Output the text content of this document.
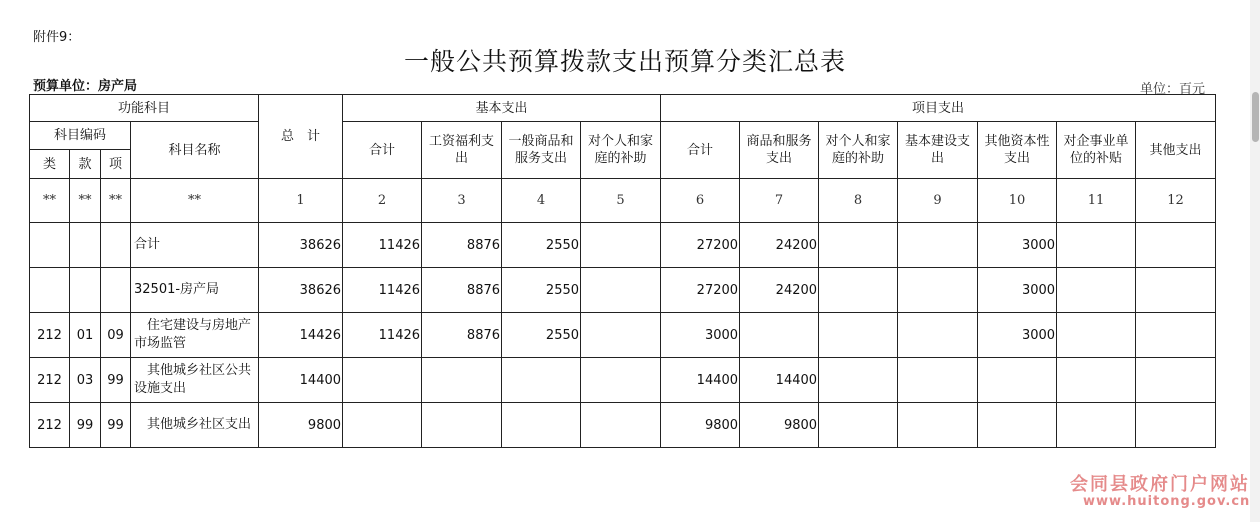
附件9：
一般公共预算拨款支出预算分类汇总表
预算单位：房产局	单位：百元
功能科目				总　计	基本支出				项目支出						
科目编码			科目名称		合计	工资福利支出	一般商品和服务支出	对个人和家庭的补助	合计	商品和服务支出	对个人和家庭的补助	基本建设支出	其他资本性支出	对企事业单位的补贴	其他支出
类	款	项													
**	**	**	**	1	2	3	4	5	6	7	8	9	10	11	12
			合计	38626	11426	8876	2550		27200	24200			3000		
			32501-房产局	38626	11426	8876	2550		27200	24200			3000		
212	01	09	　住宅建设与房地产市场监管	14426	11426	8876	2550		3000				3000		
212	03	99	　其他城乡社区公共设施支出	14400					14400	14400					
212	99	99	　其他城乡社区支出	9800					9800	9800					
会同县政府门户网站
www.huitong.gov.cn
